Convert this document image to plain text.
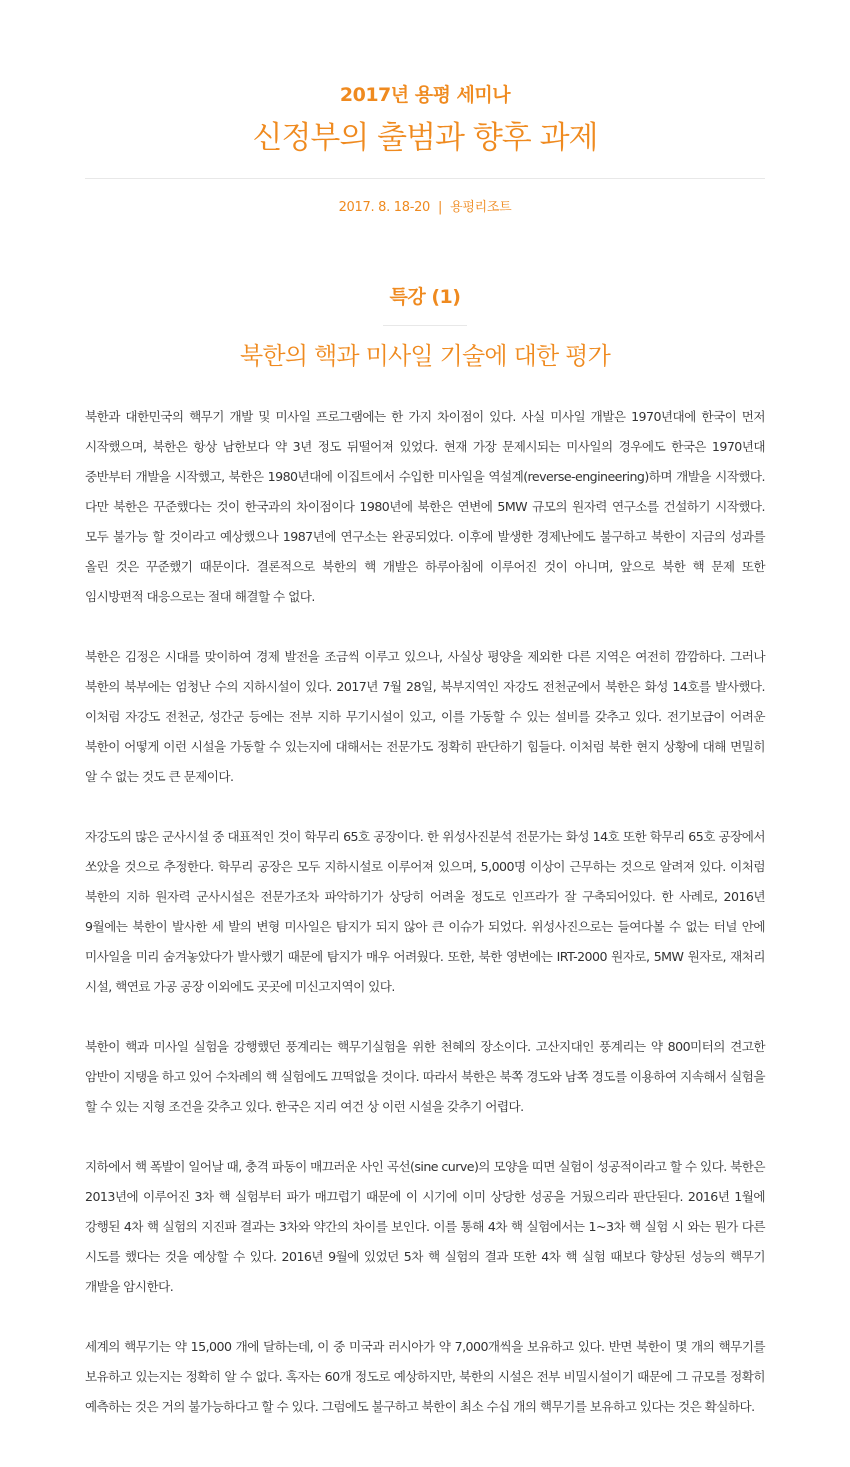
2017년 용평 세미나
신정부의 출범과 향후 과제
2017. 8. 18-20 | 용평리조트
특강 (1)
북한의 핵과 미사일 기술에 대한 평가

북한과 대한민국의 핵무기 개발 및 미사일 프로그램에는 한 가지 차이점이 있다. 사실 미사일 개발은 1970년대에 한국이 먼저 시작했으며, 북한은 항상 남한보다 약 3년 정도 뒤떨어져 있었다. 현재 가장 문제시되는 미사일의 경우에도 한국은 1970년대 중반부터 개발을 시작했고, 북한은 1980년대에 이집트에서 수입한 미사일을 역설계(reverse-engineering)하며 개발을 시작했다. 다만 북한은 꾸준했다는 것이 한국과의 차이점이다 1980년에 북한은 연변에 5MW 규모의 원자력 연구소를 건설하기 시작했다. 모두 불가능 할 것이라고 예상했으나 1987년에 연구소는 완공되었다. 이후에 발생한 경제난에도 불구하고 북한이 지금의 성과를 올린 것은 꾸준했기 때문이다. 결론적으로 북한의 핵 개발은 하루아침에 이루어진 것이 아니며, 앞으로 북한 핵 문제 또한 임시방편적 대응으로는 절대 해결할 수 없다.

북한은 김정은 시대를 맞이하여 경제 발전을 조금씩 이루고 있으나, 사실상 평양을 제외한 다른 지역은 여전히 깜깜하다. 그러나 북한의 북부에는 엄청난 수의 지하시설이 있다. 2017년 7월 28일, 북부지역인 자강도 전천군에서 북한은 화성 14호를 발사했다. 이처럼 자강도 전천군, 성간군 등에는 전부 지하 무기시설이 있고, 이를 가동할 수 있는 설비를 갖추고 있다. 전기보급이 어려운 북한이 어떻게 이런 시설을 가동할 수 있는지에 대해서는 전문가도 정확히 판단하기 힘들다. 이처럼 북한 현지 상황에 대해 면밀히 알 수 없는 것도 큰 문제이다.

자강도의 많은 군사시설 중 대표적인 것이 학무리 65호 공장이다. 한 위성사진분석 전문가는 화성 14호 또한 학무리 65호 공장에서 쏘았을 것으로 추정한다. 학무리 공장은 모두 지하시설로 이루어져 있으며, 5,000명 이상이 근무하는 것으로 알려져 있다. 이처럼 북한의 지하 원자력 군사시설은 전문가조차 파악하기가 상당히 어려울 정도로 인프라가 잘 구축되어있다. 한 사례로, 2016년 9월에는 북한이 발사한 세 발의 변형 미사일은 탐지가 되지 않아 큰 이슈가 되었다. 위성사진으로는 들여다볼 수 없는 터널 안에 미사일을 미리 숨겨놓았다가 발사했기 때문에 탐지가 매우 어려웠다. 또한, 북한 영변에는 IRT-2000 원자로, 5MW 원자로, 재처리 시설, 핵연료 가공 공장 이외에도 곳곳에 미신고지역이 있다.

북한이 핵과 미사일 실험을 강행했던 풍계리는 핵무기실험을 위한 천혜의 장소이다. 고산지대인 풍계리는 약 800미터의 견고한 암반이 지탱을 하고 있어 수차례의 핵 실험에도 끄떡없을 것이다. 따라서 북한은 북쪽 경도와 남쪽 경도를 이용하여 지속해서 실험을 할 수 있는 지형 조건을 갖추고 있다. 한국은 지리 여건 상 이런 시설을 갖추기 어렵다.

지하에서 핵 폭발이 일어날 때, 충격 파동이 매끄러운 사인 곡선(sine curve)의 모양을 띠면 실험이 성공적이라고 할 수 있다. 북한은 2013년에 이루어진 3차 핵 실험부터 파가 매끄럽기 때문에 이 시기에 이미 상당한 성공을 거뒀으리라 판단된다. 2016년 1월에 강행된 4차 핵 실험의 지진파 결과는 3차와 약간의 차이를 보인다. 이를 통해 4차 핵 실험에서는 1~3차 핵 실험 시 와는 뭔가 다른 시도를 했다는 것을 예상할 수 있다. 2016년 9월에 있었던 5차 핵 실험의 결과 또한 4차 핵 실험 때보다 향상된 성능의 핵무기 개발을 암시한다.

세계의 핵무기는 약 15,000 개에 달하는데, 이 중 미국과 러시아가 약 7,000개씩을 보유하고 있다. 반면 북한이 몇 개의 핵무기를 보유하고 있는지는 정확히 알 수 없다. 혹자는 60개 정도로 예상하지만, 북한의 시설은 전부 비밀시설이기 때문에 그 규모를 정확히 예측하는 것은 거의 불가능하다고 할 수 있다. 그럼에도 불구하고 북한이 최소 수십 개의 핵무기를 보유하고 있다는 것은 확실하다.
